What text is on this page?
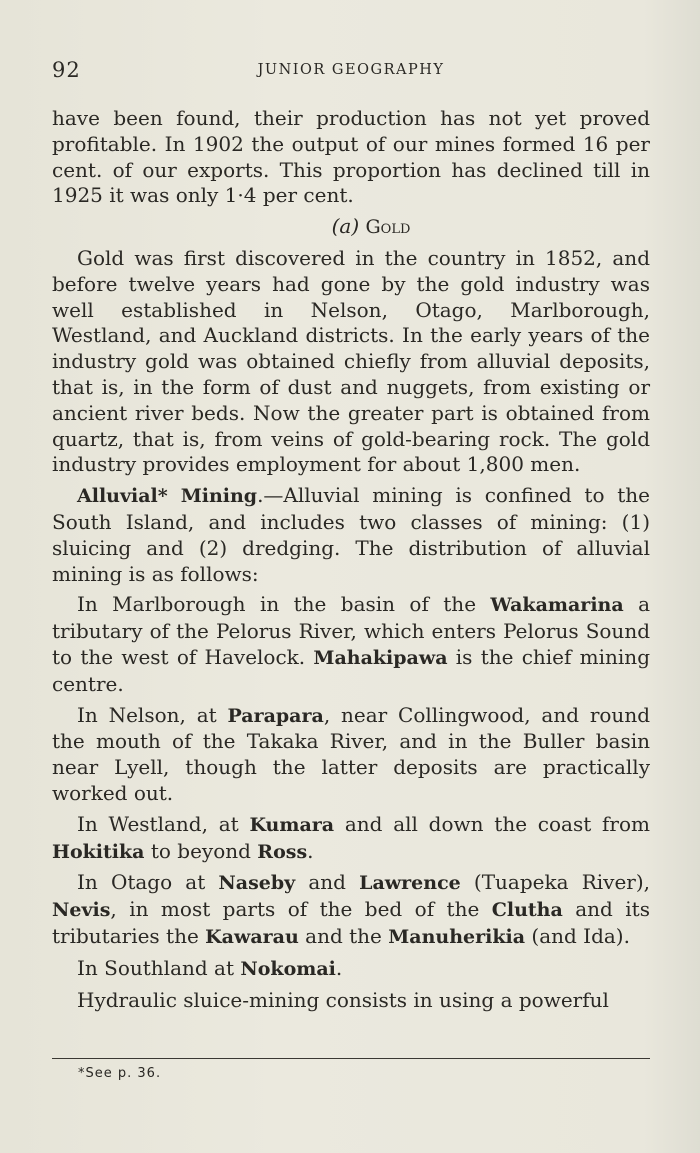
92	JUNIOR GEOGRAPHY

have been found, their production has not yet proved profitable. In 1902 the output of our mines formed 16 per cent. of our exports. This proportion has declined till in 1925 it was only 1·4 per cent.

(a) Gold

Gold was first discovered in the country in 1852, and before twelve years had gone by the gold industry was well established in Nelson, Otago, Marlborough, Westland, and Auckland districts. In the early years of the industry gold was obtained chiefly from alluvial deposits, that is, in the form of dust and nuggets, from existing or ancient river beds. Now the greater part is obtained from quartz, that is, from veins of gold-bearing rock. The gold industry provides employment for about 1,800 men.

Alluvial* Mining.—Alluvial mining is confined to the South Island, and includes two classes of mining: (1) sluicing and (2) dredging. The distribution of alluvial mining is as follows:

In Marlborough in the basin of the Wakamarina a tributary of the Pelorus River, which enters Pelorus Sound to the west of Havelock. Mahakipawa is the chief mining centre.

In Nelson, at Parapara, near Collingwood, and round the mouth of the Takaka River, and in the Buller basin near Lyell, though the latter deposits are practically worked out.

In Westland, at Kumara and all down the coast from Hokitika to beyond Ross.

In Otago at Naseby and Lawrence (Tuapeka River), Nevis, in most parts of the bed of the Clutha and its tributaries the Kawarau and the Manuherikia (and Ida).

In Southland at Nokomai.

Hydraulic sluice-mining consists in using a powerful

*See p. 36.
